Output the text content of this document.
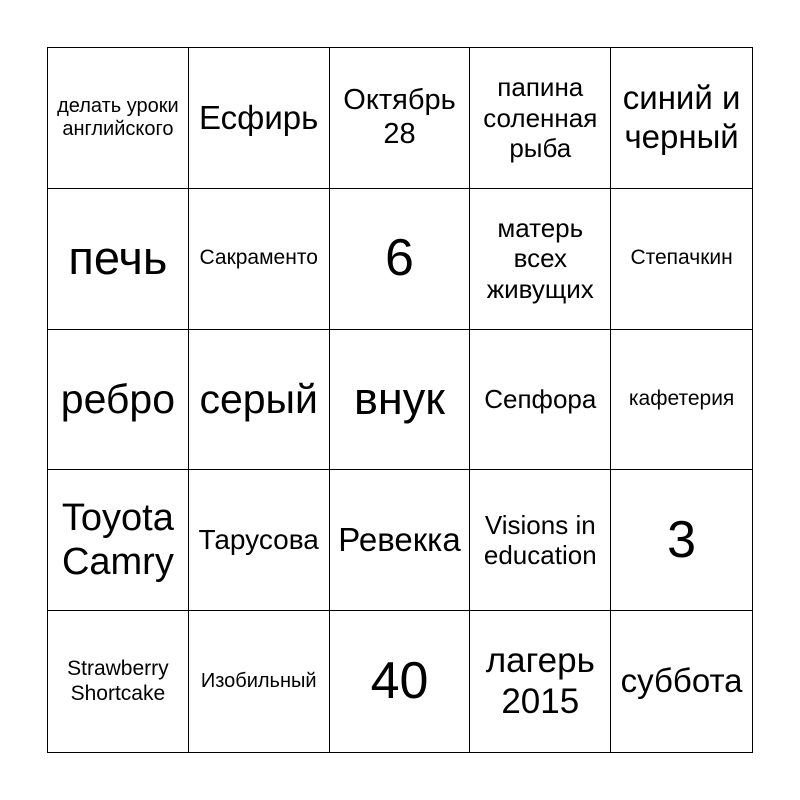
делать уроки английского Есфирь Октябрь 28
папина соленная рыба
синий и черный
печь Сакраменто 6
матерь всех живущих
Степачкин
ребро серый внук Сепфора кафетерия
Toyota Camry
Тарусова Ревекка Visions in education 3
Strawberry Shortcake
Изобильный 40	лагерь 2015
суббота
